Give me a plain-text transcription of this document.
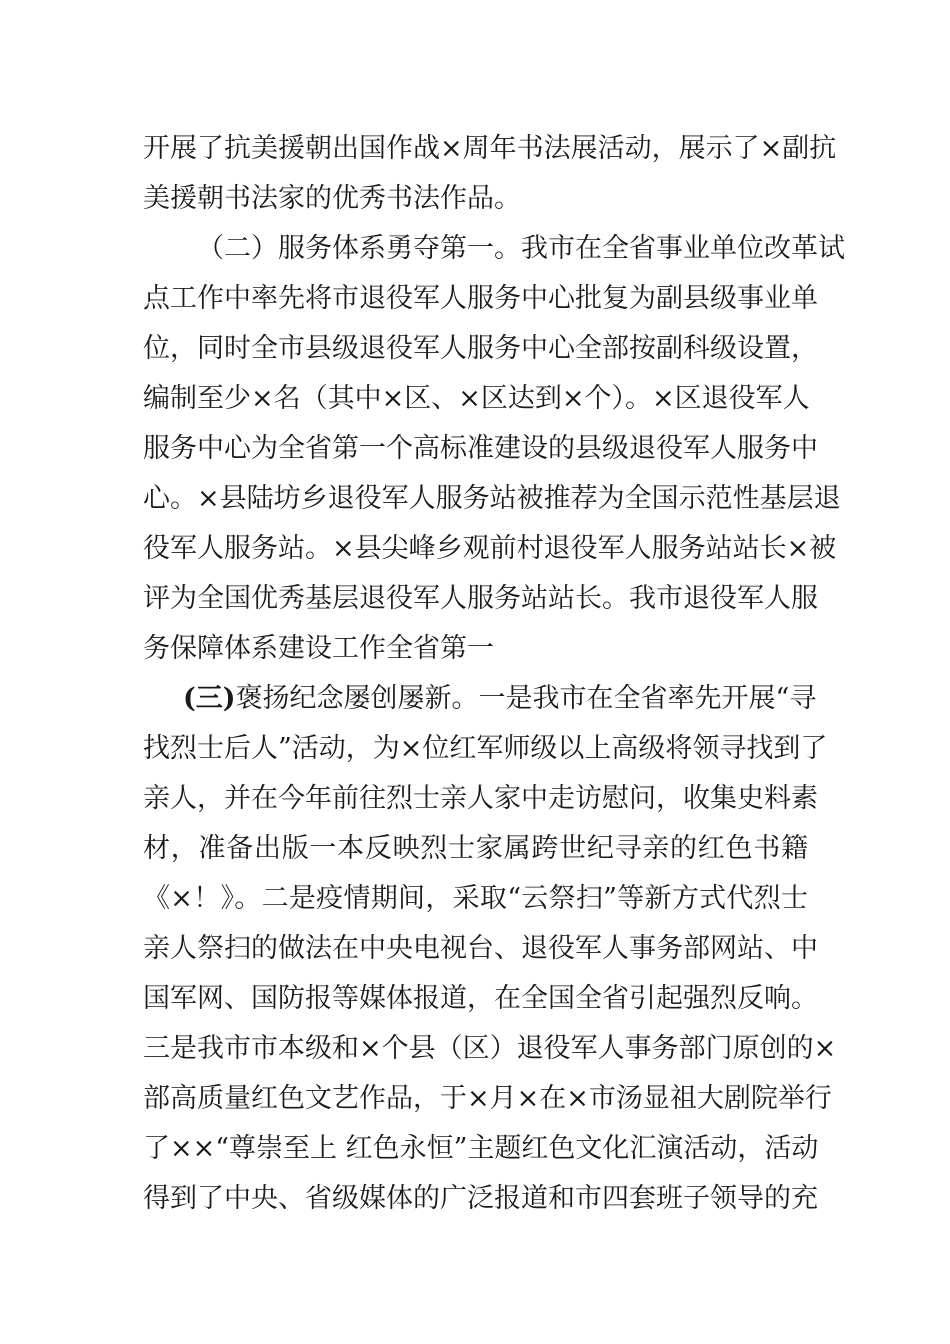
开展了抗美援朝出国作战×周年书法展活动，展示了×副抗
美援朝书法家的优秀书法作品。
（二）服务体系勇夺第一。我市在全省事业单位改革试
点工作中率先将市退役军人服务中心批复为副县级事业单
位，同时全市县级退役军人服务中心全部按副科级设置，
编制至少×名（其中×区、×区达到×个）。×区退役军人
服务中心为全省第一个高标准建设的县级退役军人服务中
心。×县陆坊乡退役军人服务站被推荐为全国示范性基层退
役军人服务站。×县尖峰乡观前村退役军人服务站站长×被
评为全国优秀基层退役军人服务站站长。我市退役军人服
务保障体系建设工作全省第一
(三)褒扬纪念屡创屡新。一是我市在全省率先开展“寻
找烈士后人”活动，为×位红军师级以上高级将领寻找到了
亲人，并在今年前往烈士亲人家中走访慰问，收集史料素
材，准备出版一本反映烈士家属跨世纪寻亲的红色书籍
《×！》。二是疫情期间，采取“云祭扫”等新方式代烈士
亲人祭扫的做法在中央电视台、退役军人事务部网站、中
国军网、国防报等媒体报道，在全国全省引起强烈反响。
三是我市市本级和×个县（区）退役军人事务部门原创的×
部高质量红色文艺作品，于×月×在×市汤显祖大剧院举行
了××“尊崇至上 红色永恒”主题红色文化汇演活动，活动
得到了中央、省级媒体的广泛报道和市四套班子领导的充
